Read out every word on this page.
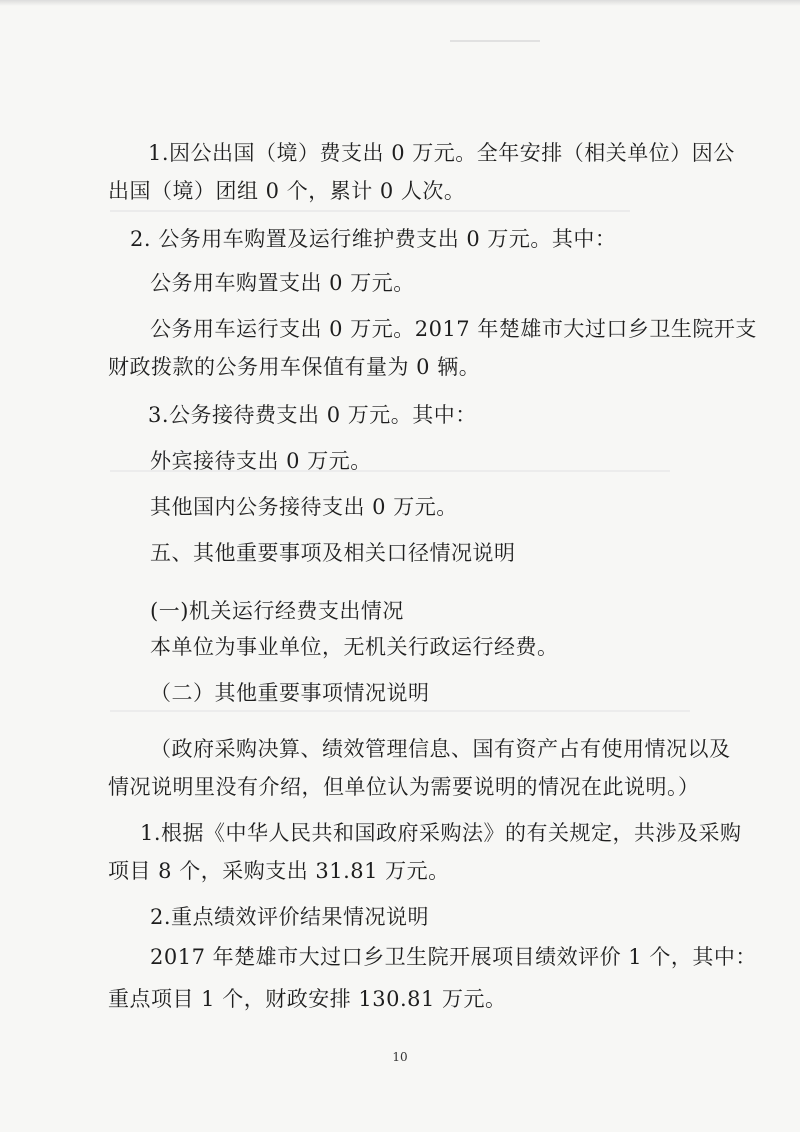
1.因公出国（境）费支出 0 万元。全年安排（相关单位）因公
出国（境）团组 0 个，累计 0 人次。
2. 公务用车购置及运行维护费支出 0 万元。其中：
公务用车购置支出 0 万元。
公务用车运行支出 0 万元。2017 年楚雄市大过口乡卫生院开支
财政拨款的公务用车保值有量为 0 辆。
3.公务接待费支出 0 万元。其中：
外宾接待支出 0 万元。
其他国内公务接待支出 0 万元。
五、其他重要事项及相关口径情况说明
(一)机关运行经费支出情况
本单位为事业单位，无机关行政运行经费。
（二）其他重要事项情况说明
（政府采购决算、绩效管理信息、国有资产占有使用情况以及
情况说明里没有介绍，但单位认为需要说明的情况在此说明。）
1.根据《中华人民共和国政府采购法》的有关规定，共涉及采购
项目 8 个，采购支出 31.81 万元。
2.重点绩效评价结果情况说明
2017 年楚雄市大过口乡卫生院开展项目绩效评价 1 个，其中：
重点项目 1 个，财政安排 130.81 万元。
10
